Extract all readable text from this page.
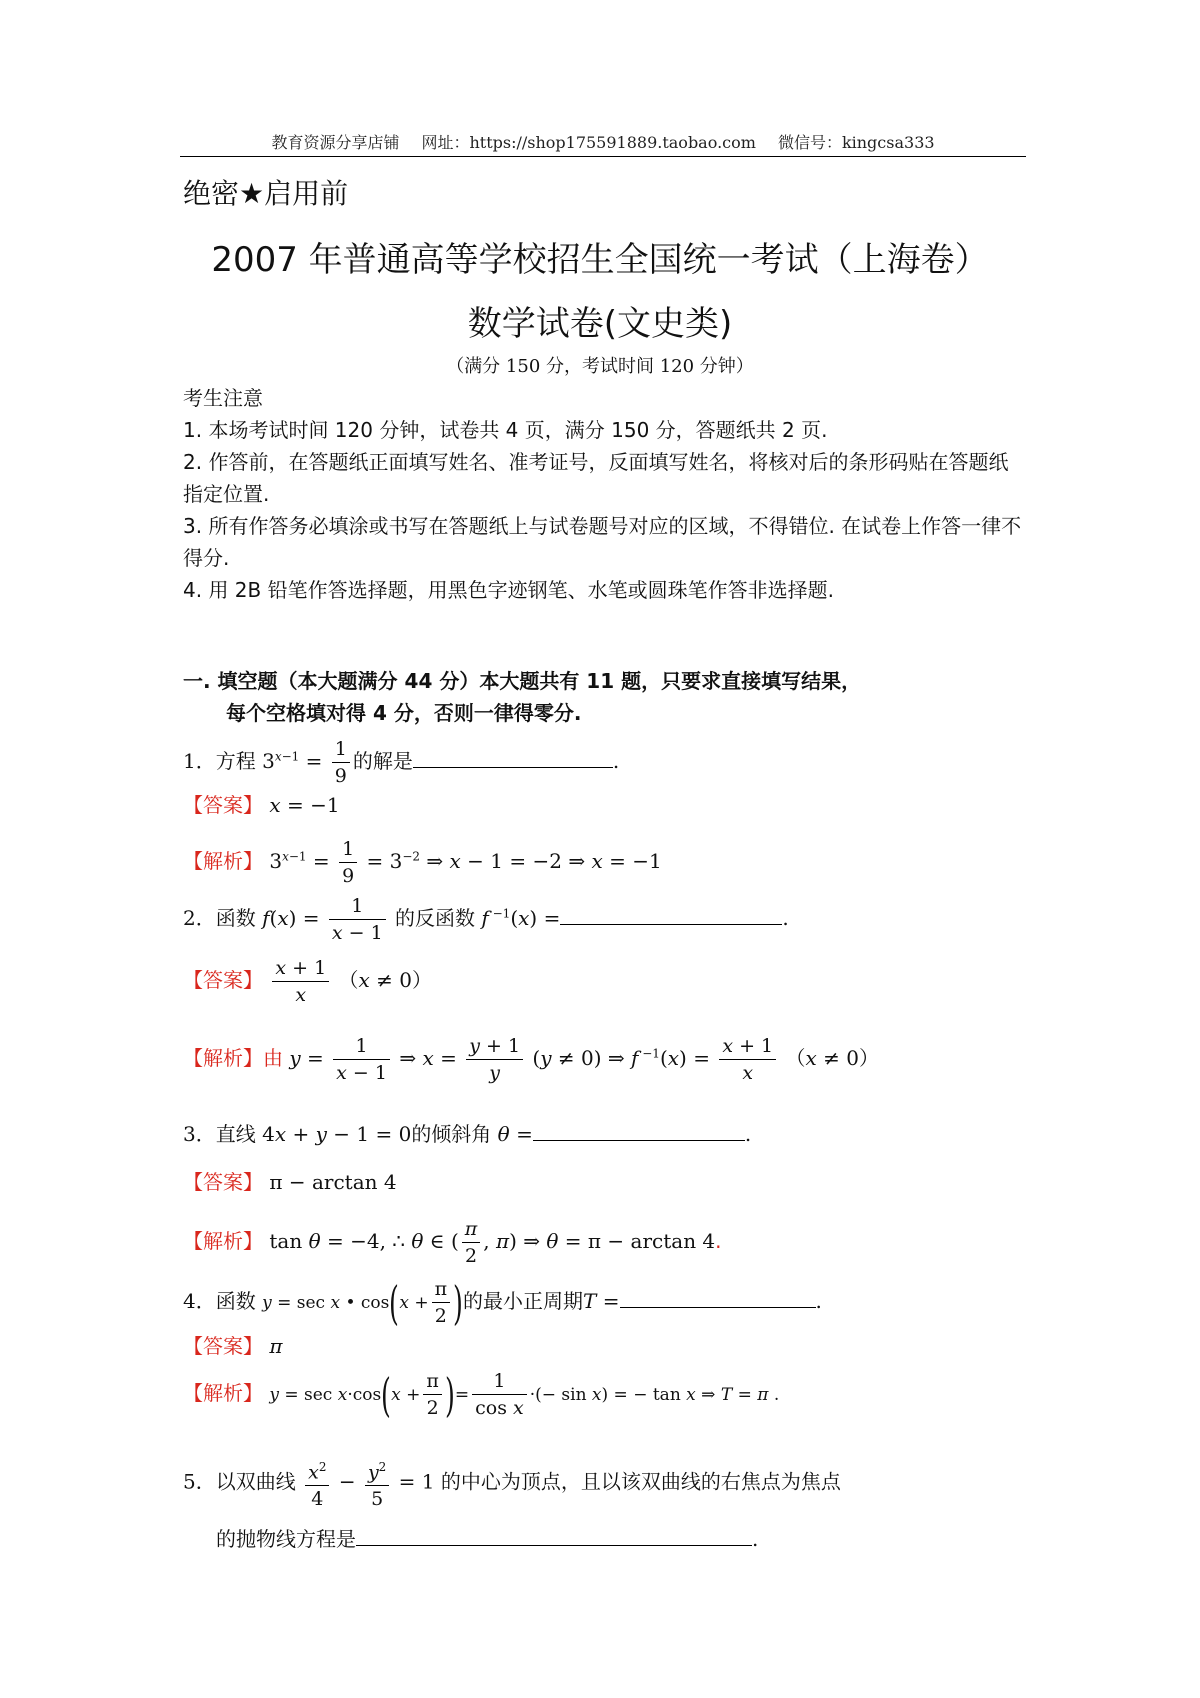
教育资源分享店铺 网址：https://shop175591889.taobao.com 微信号：kingcsa333
绝密★启用前
2007 年普通高等学校招生全国统一考试（上海卷）
数学试卷(文史类)
（满分 150 分，考试时间 120 分钟）

考生注意

1. 本场考试时间 120 分钟，试卷共 4 页，满分 150 分，答题纸共 2 页.

2. 作答前，在答题纸正面填写姓名、准考证号，反面填写姓名，将核对后的条形码贴在答题纸指定位置.

3. 所有作答务必填涂或书写在答题纸上与试卷题号对应的区域，不得错位. 在试卷上作答一律不得分.

4. 用 2B 铅笔作答选择题，用黑色字迹钢笔、水笔或圆珠笔作答非选择题.

一. 填空题（本大题满分 44 分）本大题共有 11 题，只要求直接填写结果，
每个空格填对得 4 分，否则一律得零分.
1．方程 $3^{x-1} = \frac{1}{9}$ 的解是	.
【答案】 x = −1
【解析】 $3^{x-1} = \frac{1}{9} = 3^{-2}$ ⇒ x − 1 = −2 ⇒ x = −1
2．函数 $f(x) = \frac{1}{x - 1}$ 的反函数 f $^{-1}$(x) =	.
【答案】 $\frac{x + 1}{x} (x \ne 0)$
【解析】由 $y = \frac{1}{x - 1}$ ⇒ $x = \frac{y + 1}{y} (y \ne 0)$ ⇒ f $^{-1}(x) = \frac{x + 1}{x} (x \ne 0)$
3．直线 4x + y − 1 = 0的倾斜角 θ =	.
【答案】 π − arctan 4
【解析】 tan θ = −4, ∴ θ ∈ ( $\frac{\pi}{2}$ , π) ⇒ θ = π − arctan 4.
4．函数 y = sec x • $\cos(x + \frac{\pi}{2}$ )的最小正周期T =	.
【答案】 π
【解析】 $y = \sec x\cdot\cos(x + \frac{\pi}{2}$ )= $\frac{1}{\text{cos x}}$ ·(− sin x) = − tan x ⇒ T = π .
5．以双曲线 $\frac{x^2}{4} - \frac{y^2}{5} = 1$ 的中心为顶点，且以该双曲线的右焦点为焦点
的抛物线方程是	.
